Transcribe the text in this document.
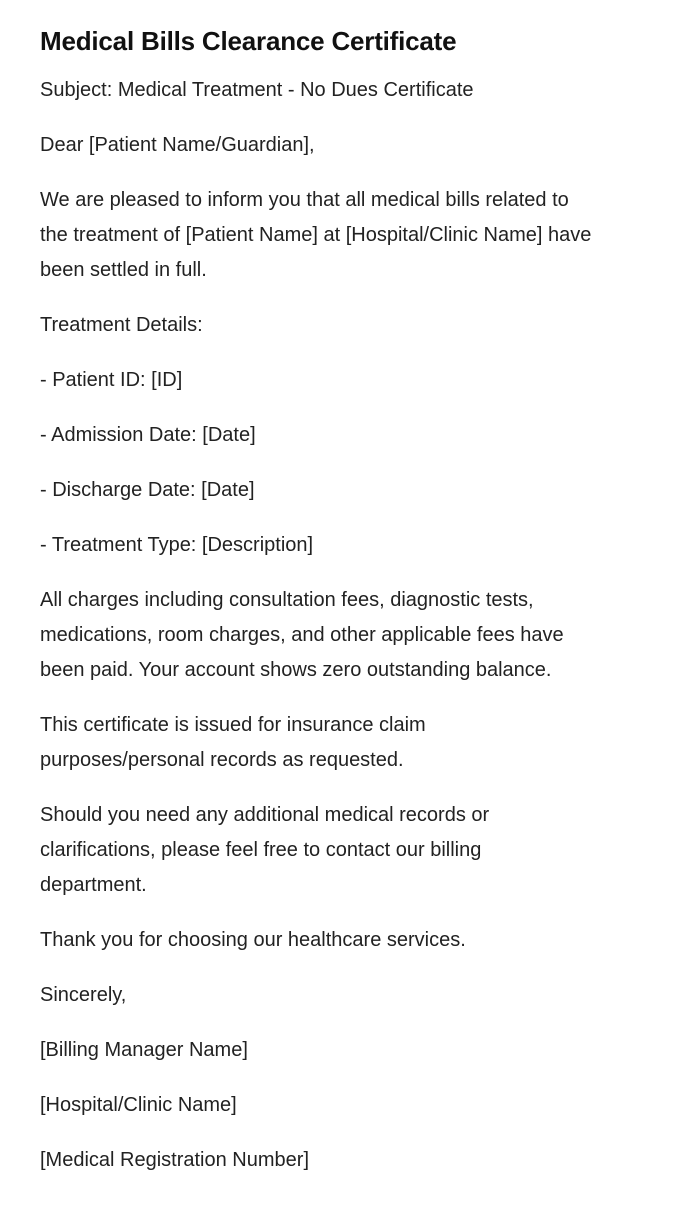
Medical Bills Clearance Certificate

Subject: Medical Treatment - No Dues Certificate

Dear [Patient Name/Guardian],

We are pleased to inform you that all medical bills related to
the treatment of [Patient Name] at [Hospital/Clinic Name] have
been settled in full.

Treatment Details:

- Patient ID: [ID]

- Admission Date: [Date]

- Discharge Date: [Date]

- Treatment Type: [Description]

All charges including consultation fees, diagnostic tests,
medications, room charges, and other applicable fees have
been paid. Your account shows zero outstanding balance.

This certificate is issued for insurance claim
purposes/personal records as requested.

Should you need any additional medical records or
clarifications, please feel free to contact our billing
department.

Thank you for choosing our healthcare services.

Sincerely,

[Billing Manager Name]

[Hospital/Clinic Name]

[Medical Registration Number]
